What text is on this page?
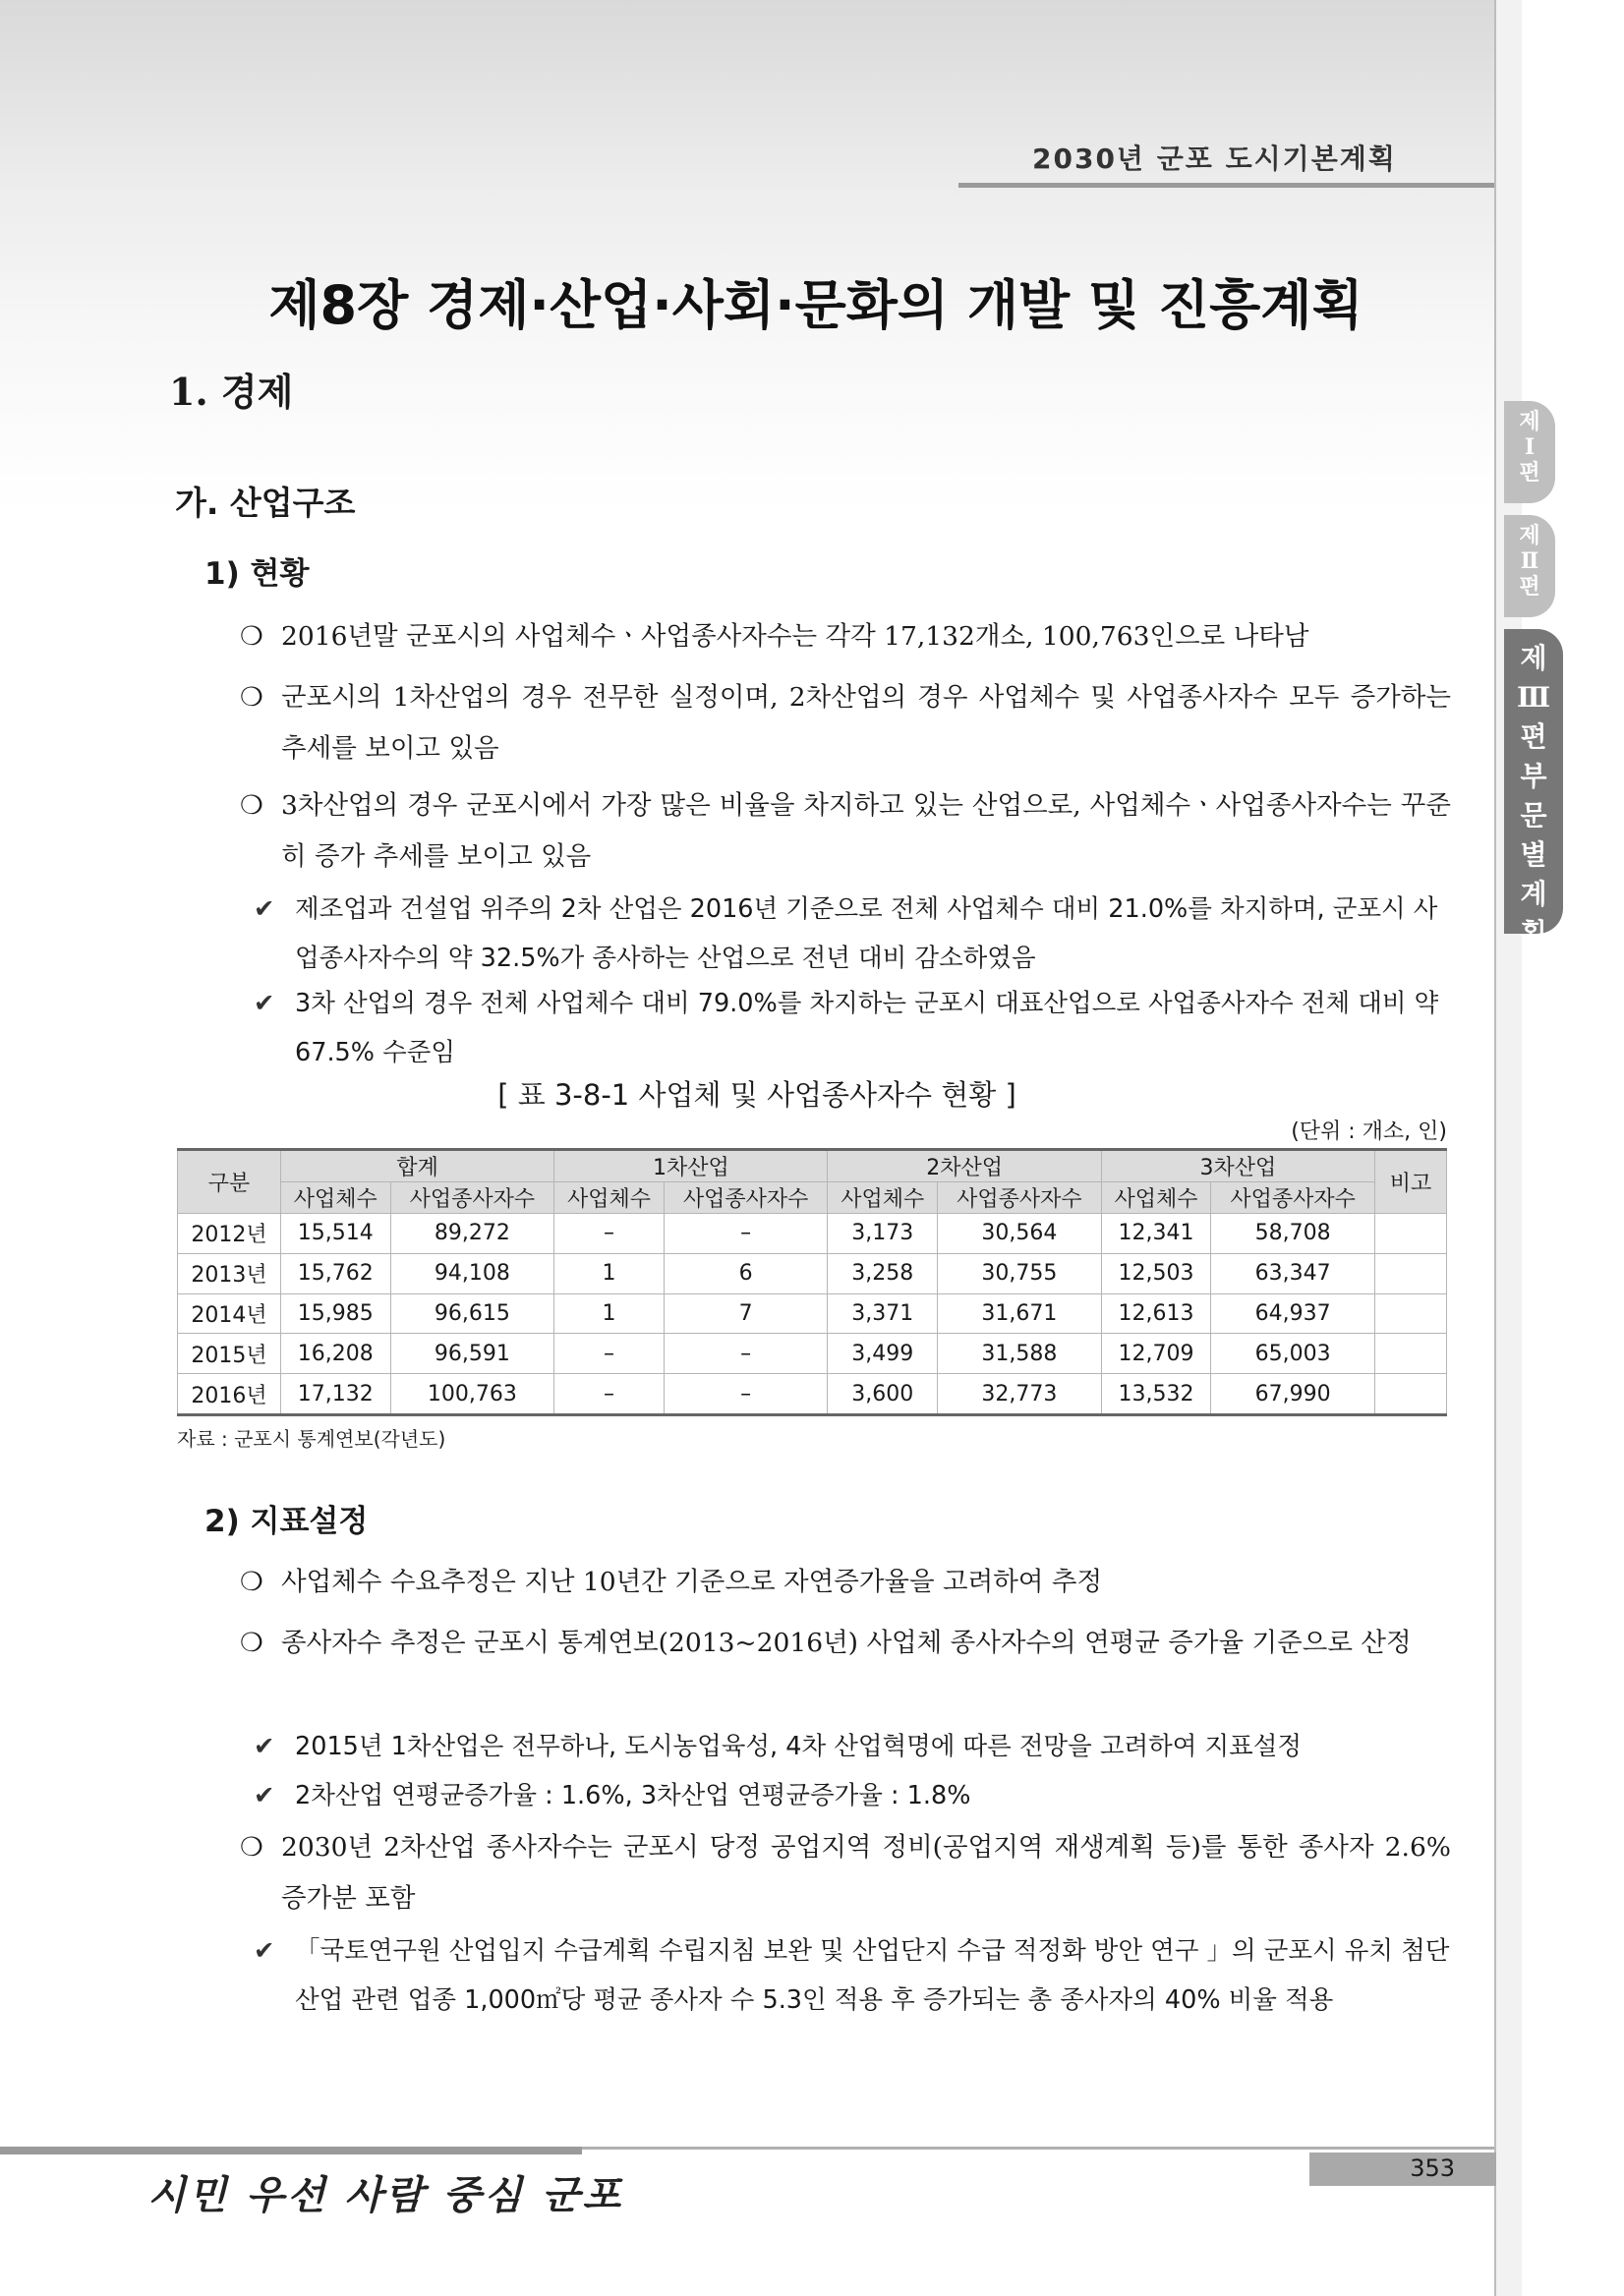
2030년 군포 도시기본계획
제8장 경제·산업·사회·문화의 개발 및 진흥계획
1. 경제
가. 산업구조
1) 현황
❍ 2016년말 군포시의 사업체수ㆍ사업종사자수는 각각 17,132개소, 100,763인으로 나타남
❍ 군포시의 1차산업의 경우 전무한 실정이며, 2차산업의 경우 사업체수 및 사업종사자수 모두 증가하는 추세를 보이고 있음
❍ 3차산업의 경우 군포시에서 가장 많은 비율을 차지하고 있는 산업으로, 사업체수ㆍ사업종사자수는 꾸준히 증가 추세를 보이고 있음
✔ 제조업과 건설업 위주의 2차 산업은 2016년 기준으로 전체 사업체수 대비 21.0%를 차지하며, 군포시 사업종사자수의 약 32.5%가 종사하는 산업으로 전년 대비 감소하였음
✔ 3차 산업의 경우 전체 사업체수 대비 79.0%를 차지하는 군포시 대표산업으로 사업종사자수 전체 대비 약 67.5% 수준임
[ 표 3-8-1 사업체 및 사업종사자수 현황 ]
(단위 : 개소, 인)
구분	합계		1차산업		2차산업		3차산업		비고
	사업체수	사업종사자수	사업체수	사업종사자수	사업체수	사업종사자수	사업체수	사업종사자수	
2012년	15,514	89,272	–	–	3,173	30,564	12,341	58,708	
2013년	15,762	94,108	1	6	3,258	30,755	12,503	63,347	
2014년	15,985	96,615	1	7	3,371	31,671	12,613	64,937	
2015년	16,208	96,591	–	–	3,499	31,588	12,709	65,003	
2016년	17,132	100,763	–	–	3,600	32,773	13,532	67,990	
자료 : 군포시 통계연보(각년도)
2) 지표설정
❍ 사업체수 수요추정은 지난 10년간 기준으로 자연증가율을 고려하여 추정
❍ 종사자수 추정은 군포시 통계연보(2013~2016년) 사업체 종사자수의 연평균 증가율 기준으로 산정
✔ 2015년 1차산업은 전무하나, 도시농업육성, 4차 산업혁명에 따른 전망을 고려하여 지표설정
✔ 2차산업 연평균증가율 : 1.6%, 3차산업 연평균증가율 : 1.8%
❍ 2030년 2차산업 종사자수는 군포시 당정 공업지역 정비(공업지역 재생계획 등)를 통한 종사자 2.6% 증가분 포함
✔ 「국토연구원 산업입지 수급계획 수립지침 보완 및 산업단지 수급 적정화 방안 연구 」의 군포시 유치 첨단산업 관련 업종 1,000㎡당 평균 종사자 수 5.3인 적용 후 증가되는 총 종사자의 40% 비율 적용
제
Ⅰ
편
제
Ⅱ
편
제
Ⅲ
편
부
문
별
계
획
시민 우선 사람 중심 군포
353
